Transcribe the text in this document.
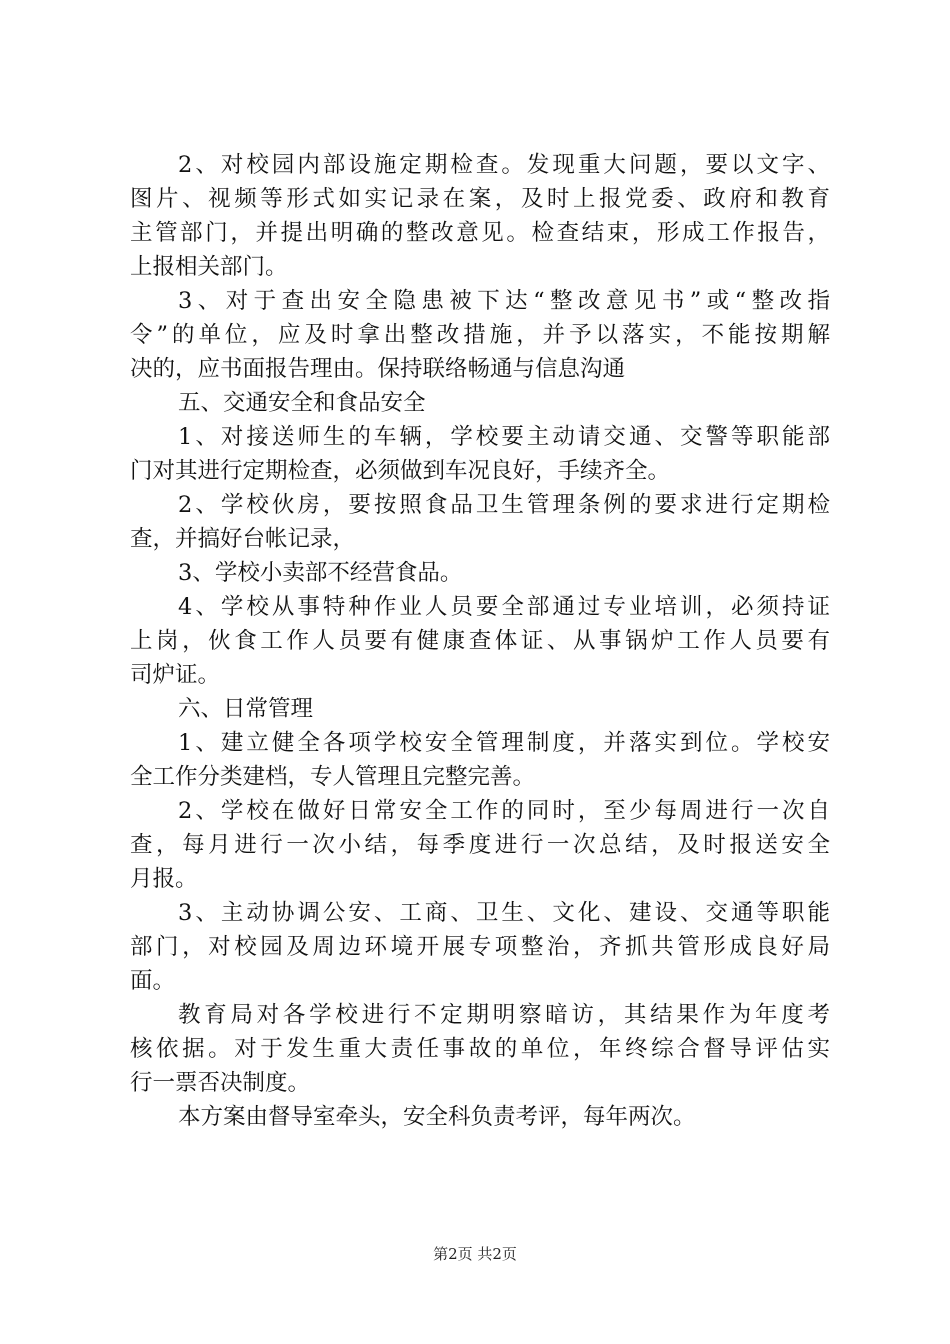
2、对校园内部设施定期检查。发现重大问题，要以文字、
图片、视频等形式如实记录在案，及时上报党委、政府和教育
主管部门，并提出明确的整改意见。检查结束，形成工作报告，
上报相关部门。
3、对于查出安全隐患被下达“整改意见书”或“整改指
令”的单位，应及时拿出整改措施，并予以落实，不能按期解
决的，应书面报告理由。保持联络畅通与信息沟通
五、交通安全和食品安全
1、对接送师生的车辆，学校要主动请交通、交警等职能部
门对其进行定期检查，必须做到车况良好，手续齐全。
2、学校伙房，要按照食品卫生管理条例的要求进行定期检
查，并搞好台帐记录，
3、学校小卖部不经营食品。
4、学校从事特种作业人员要全部通过专业培训，必须持证
上岗，伙食工作人员要有健康查体证、从事锅炉工作人员要有
司炉证。
六、日常管理
1、建立健全各项学校安全管理制度，并落实到位。学校安
全工作分类建档，专人管理且完整完善。
2、学校在做好日常安全工作的同时，至少每周进行一次自
查，每月进行一次小结，每季度进行一次总结，及时报送安全
月报。
3、主动协调公安、工商、卫生、文化、建设、交通等职能
部门，对校园及周边环境开展专项整治，齐抓共管形成良好局
面。
教育局对各学校进行不定期明察暗访，其结果作为年度考
核依据。对于发生重大责任事故的单位，年终综合督导评估实
行一票否决制度。
本方案由督导室牵头，安全科负责考评，每年两次。
第2页 共2页
